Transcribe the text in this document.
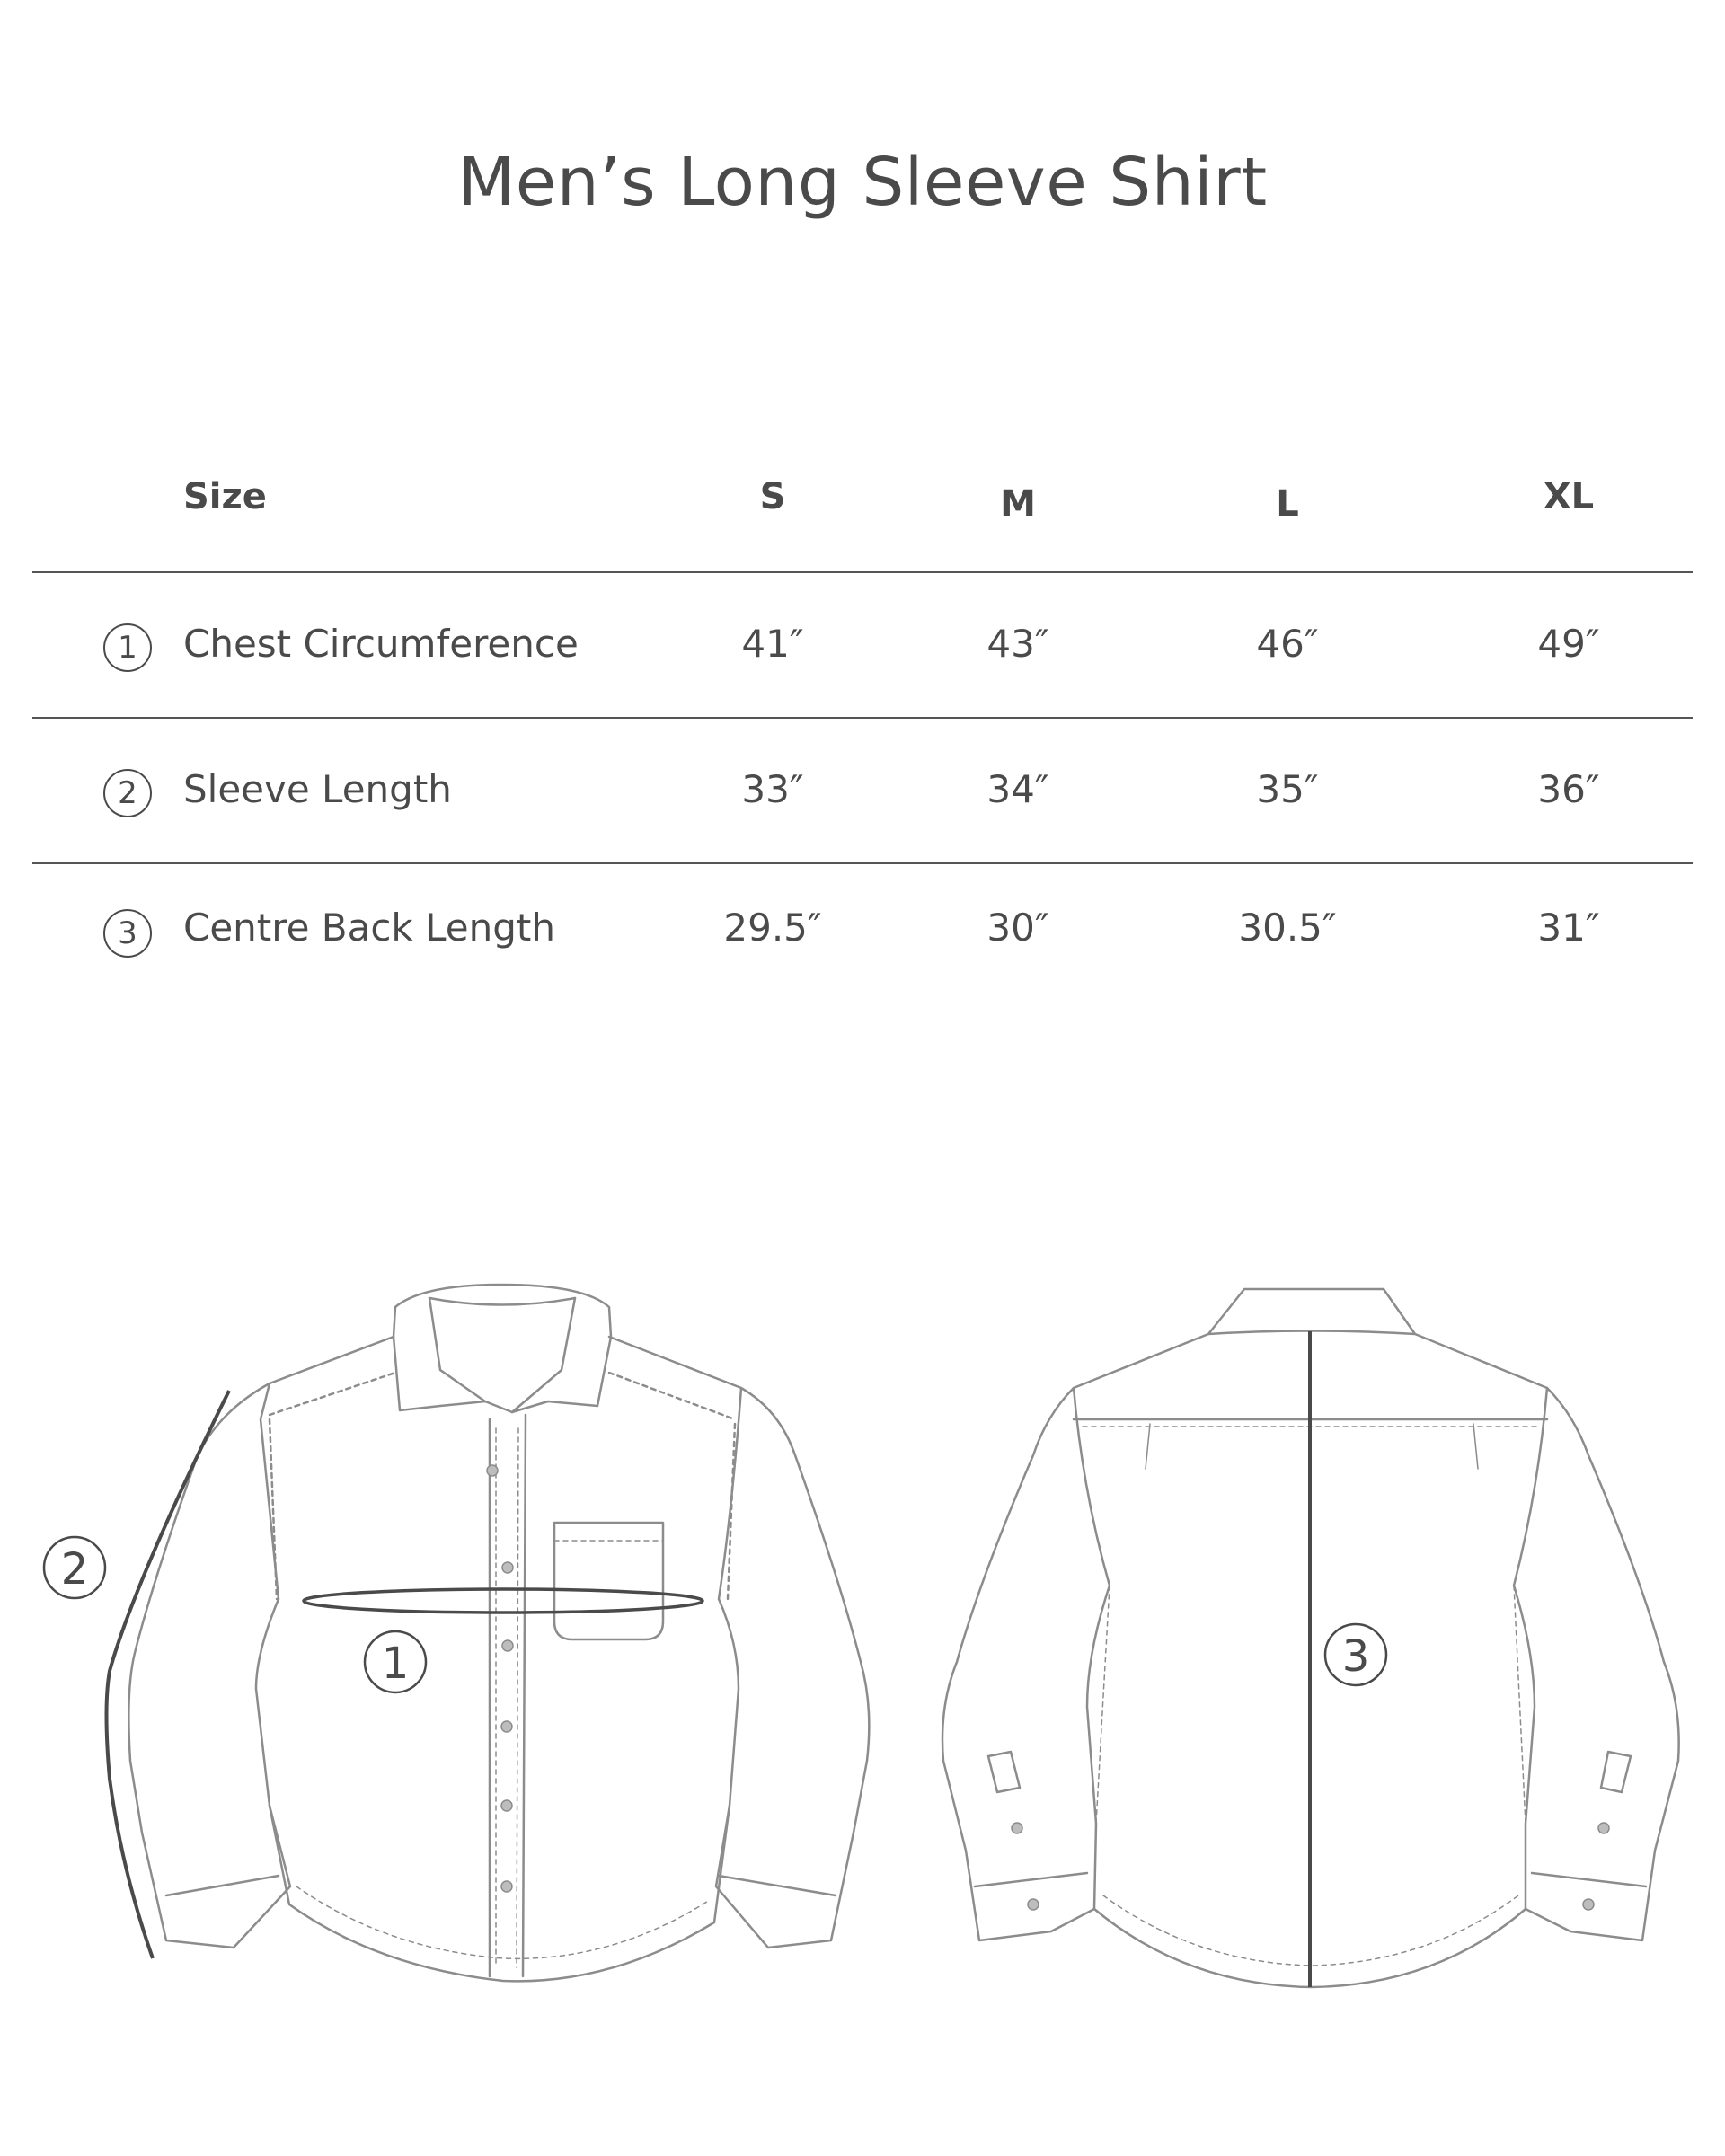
Men’s Long Sleeve Shirt
Size	S	M	L	XL
1	Chest Circumference	41″	43″	46″	49″
2	Sleeve Length	33″	34″	35″	36″
3	Centre Back Length	29.5″	30″	30.5″	31″
2
1	3
